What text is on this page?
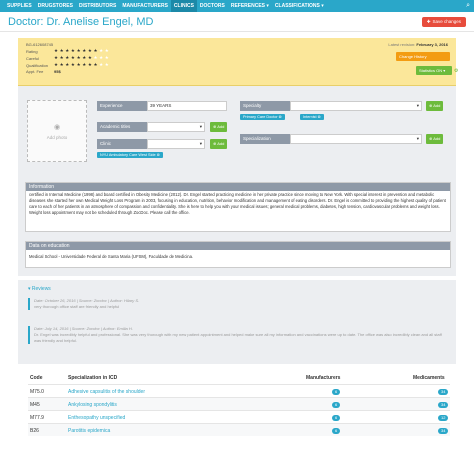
SUPPLIES	DRUGSTORES	DISTRIBUTORS	MANUFACTURERS	CLINICS	DOCTORS	REFERENCES ▾	CLASSIFICATIONS ▾	⌕
Doctor: Dr. Anelise Engel, MD	✚ Save changes
BG-612608745
Rating	★ ★ ★ ★ ★ ★ ★ ★ ★ ★
Careful	★ ★ ★ ★ ★ ★ ★ ★ ★ ★
Qualification	★ ★ ★ ★ ★ ★ ★ ★ ★ ★
Appt. Fee	95$
Latest revision: February 3, 2016
Change History
Statistics ON ▾	⚙
◉
Add photo
Experience	39 YEARS
Academic titles	▾	⊕ Add
Clinic	▾	⊕ Add
NYU Ambulatory Care West Side ⊗
Specialty	▾	⊕ Add
Primary Care Doctor ⊗	Internist ⊗
Specialization	▾	⊕ Add
Information
certified in Internal Medicine (1998) and board certified in Obesity Medicine (2012). Dr. Engel started practicing medicine in her private practice since moving to New York. With special interest in prevention and metabolic diseases she started her own Medical Weight Loss Program in 2003, focusing in education, nutrition, behavior modification and management of eating disorders. Dr. Engel is committed to providing the highest quality of patient care to each of her patients in an atmosphere of compassion and confidentiality. She is here to help you with your medical issues; general medical problems, diabetes, high tension, cardiovascular problems and weight loss. Weight loss appointment may not be scheduled through ZocDoc. Please call the office.
Data on education
Medical School - Universidade Federal de Santa Maria (UFSM), Faculdade de Medicina.
▾ Reviews
Date: October 26, 2016 | Source: Zocdoc | Author: Hilary S.
very thorough office staff are friendly and helpful
Date: July 14, 2016 | Source: Zocdoc | Author: Emilia H.
Dr. Engel was incredibly helpful and professional. She was very thorough with my new patient appointment and helped make sure all my information and vaccinations were up to date. The office was also incredibly clean and all staff was friendly and helpful.
Code	Specialization in ICD	Manufacturers	Medicaments
M75.0	Adhesive capsulitis of the shoulder	6	34
M45	Ankylosing spondylitis	6	34
M77.9	Enthesopathy unspecified	6	12
B26	Parotitis epidemica	6	34
